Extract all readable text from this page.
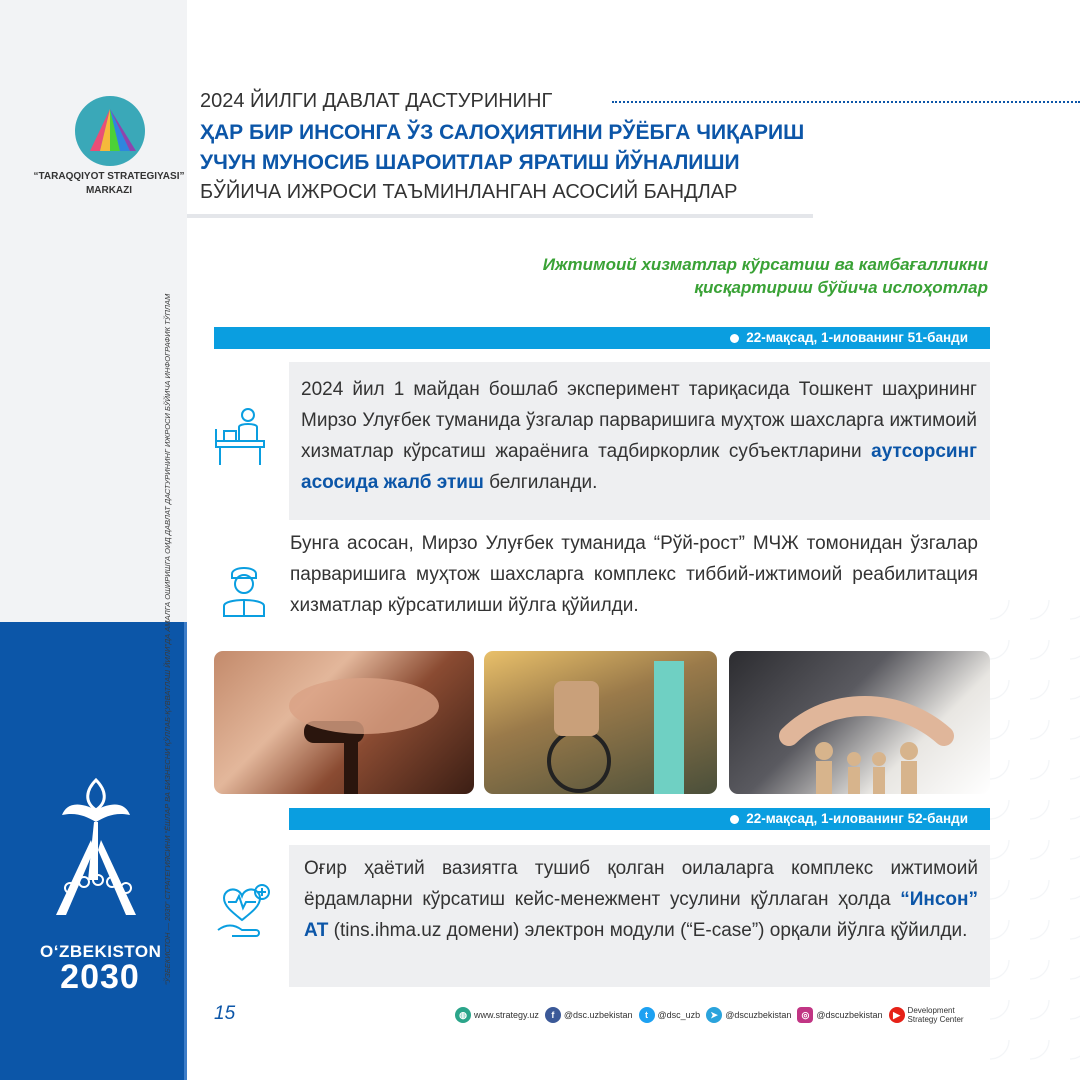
“TARAQQIYOT STRATEGIYASI”
MARKAZI
“ЎЗБЕКИСТОН — 2030” СТРАТЕГИЯСИНИ “ЁШЛАР ВА БИЗНЕСНИ ҚЎЛЛАБ-ҚУВВАТЛАШ ЙИЛИ”ДА АМАЛГА ОШИРИШГА ОИД ДАВЛАТ ДАСТУРИНИНГ ИЖРОСИ БЎЙИЧА ИНФОГРАФИК ТЎПЛАМ
O‘ZBEKISTON
2030
2024 ЙИЛГИ ДАВЛАТ ДАСТУРИНИНГ
ҲАР БИР ИНСОНГА ЎЗ САЛОҲИЯТИНИ РЎЁБГА ЧИҚАРИШ
УЧУН МУНОСИБ ШАРОИТЛАР ЯРАТИШ ЙЎНАЛИШИ
БЎЙИЧА ИЖРОСИ ТАЪМИНЛАНГАН АСОСИЙ БАНДЛАР
Ижтимоий хизматлар кўрсатиш ва камбағалликни
қисқартириш бўйича ислоҳотлар
22-мақсад, 1-илованинг 51-банди
2024 йил 1 майдан бошлаб эксперимент тариқасида Тошкент шаҳрининг Мирзо Улуғбек туманида ўзгалар парваришига муҳтож шахсларга ижтимоий хизматлар кўрсатиш жараёнига тадбиркорлик субъектларини аутсорсинг асосида жалб этиш белгиланди.
Бунга асосан, Мирзо Улуғбек туманида “Рўй-рост” МЧЖ томонидан ўзгалар парваришига муҳтож шахсларга комплекс тиббий-ижтимоий реабилитация хизматлар кўрсатилиши йўлга қўйилди.
22-мақсад, 1-илованинг 52-банди
Оғир ҳаётий вазиятга тушиб қолган оилаларга комплекс ижтимоий ёрдамларни кўрсатиш кейс-менежмент усулини қўллаган ҳолда “Инсон” АТ (tins.ihma.uz домени) электрон модули (“E-case”) орқали йўлга қўйилди.
15	◍ www.strategy.uz	f	@dsc.uzbekistan	t	@dsc_uzb	➤ @dscuzbekistan	◎ @dscuzbekistan	▶ Development
Strategy Center
